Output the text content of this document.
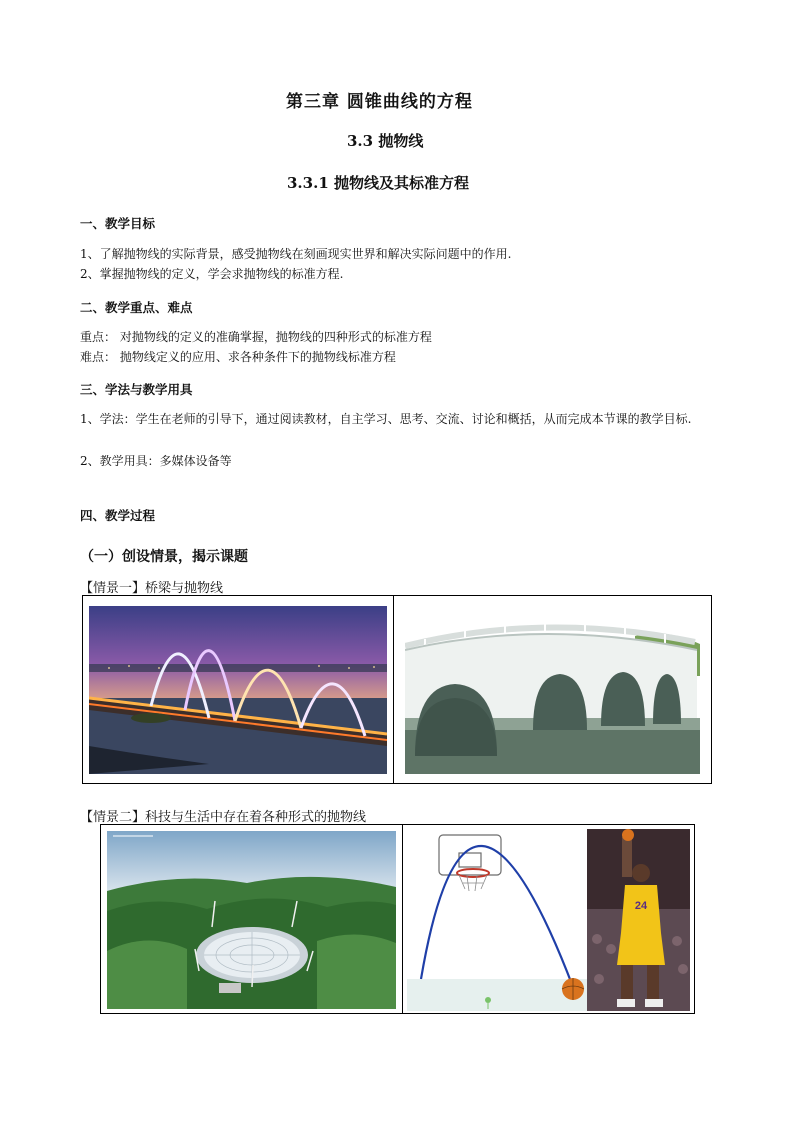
第三章 圆锥曲线的方程
3.3 抛物线
3.3.1 抛物线及其标准方程
一、教学目标
1、了解抛物线的实际背景，感受抛物线在刻画现实世界和解决实际问题中的作用.
2、掌握抛物线的定义，学会求抛物线的标准方程.
二、教学重点、难点
重点： 对抛物线的定义的准确掌握，抛物线的四种形式的标准方程
难点： 抛物线定义的应用、求各种条件下的抛物线标准方程
三、学法与教学用具
1、学法：学生在老师的引导下，通过阅读教材，自主学习、思考、交流、讨论和概括，从而完成本节课的教学目标.
2、教学用具：多媒体设备等
四、教学过程
（一）创设情景，揭示课题
【情景一】桥梁与抛物线
【情景二】科技与生活中存在着各种形式的抛物线
24
